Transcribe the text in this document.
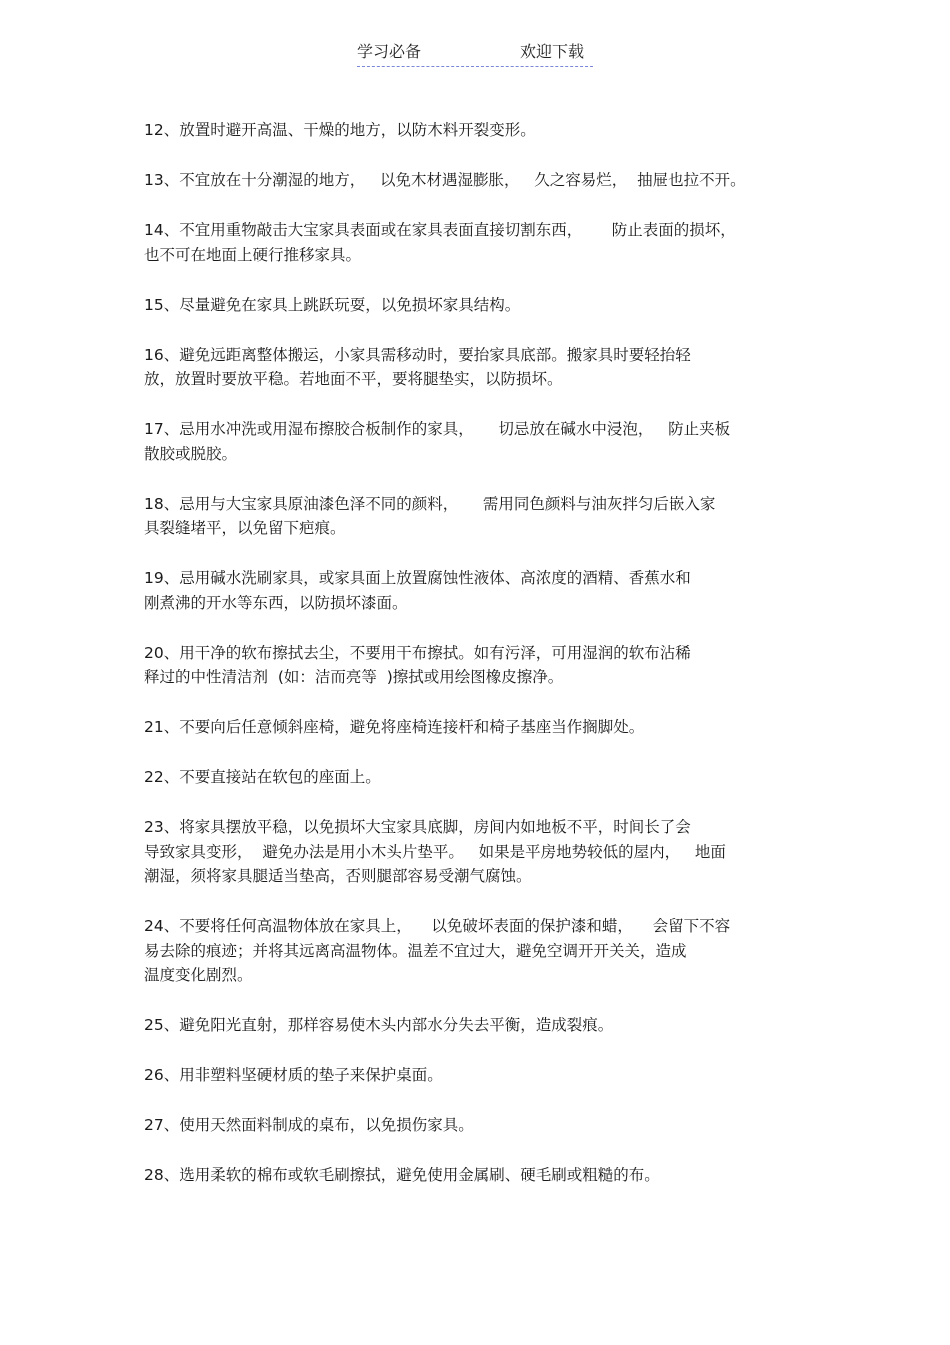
学习必备	欢迎下载
12、放置时避开高温、干燥的地方，以防木料开裂变形。
13、不宜放在十分潮湿的地方，   以免木材遇湿膨胀，   久之容易烂，  抽屉也拉不开。
14、不宜用重物敲击大宝家具表面或在家具表面直接切割东西，      防止表面的损坏，
也不可在地面上硬行推移家具。
15、尽量避免在家具上跳跃玩耍，以免损坏家具结构。
16、避免远距离整体搬运，小家具需移动时，要抬家具底部。搬家具时要轻抬轻
放，放置时要放平稳。若地面不平，要将腿垫实，以防损坏。
17、忌用水冲洗或用湿布擦胶合板制作的家具，     切忌放在碱水中浸泡，   防止夹板
散胶或脱胶。
18、忌用与大宝家具原油漆色泽不同的颜料，     需用同色颜料与油灰拌匀后嵌入家
具裂缝堵平，以免留下疤痕。
19、忌用碱水洗刷家具，或家具面上放置腐蚀性液体、高浓度的酒精、香蕉水和
刚煮沸的开水等东西，以防损坏漆面。
20、用干净的软布擦拭去尘，不要用干布擦拭。如有污泽，可用湿润的软布沾稀
释过的中性清洁剂  (如：洁而亮等  )擦拭或用绘图橡皮擦净。
21、不要向后任意倾斜座椅，避免将座椅连接杆和椅子基座当作搁脚处。
22、不要直接站在软包的座面上。
23、将家具摆放平稳，以免损坏大宝家具底脚，房间内如地板不平，时间长了会
导致家具变形，  避免办法是用小木头片垫平。   如果是平房地势较低的屋内，   地面
潮湿，须将家具腿适当垫高，否则腿部容易受潮气腐蚀。
24、不要将任何高温物体放在家具上，    以免破坏表面的保护漆和蜡，    会留下不容
易去除的痕迹；并将其远离高温物体。温差不宜过大，避免空调开开关关，造成
温度变化剧烈。
25、避免阳光直射，那样容易使木头内部水分失去平衡，造成裂痕。
26、用非塑料坚硬材质的垫子来保护桌面。
27、使用天然面料制成的桌布，以免损伤家具。
28、选用柔软的棉布或软毛刷擦拭，避免使用金属刷、硬毛刷或粗糙的布。
